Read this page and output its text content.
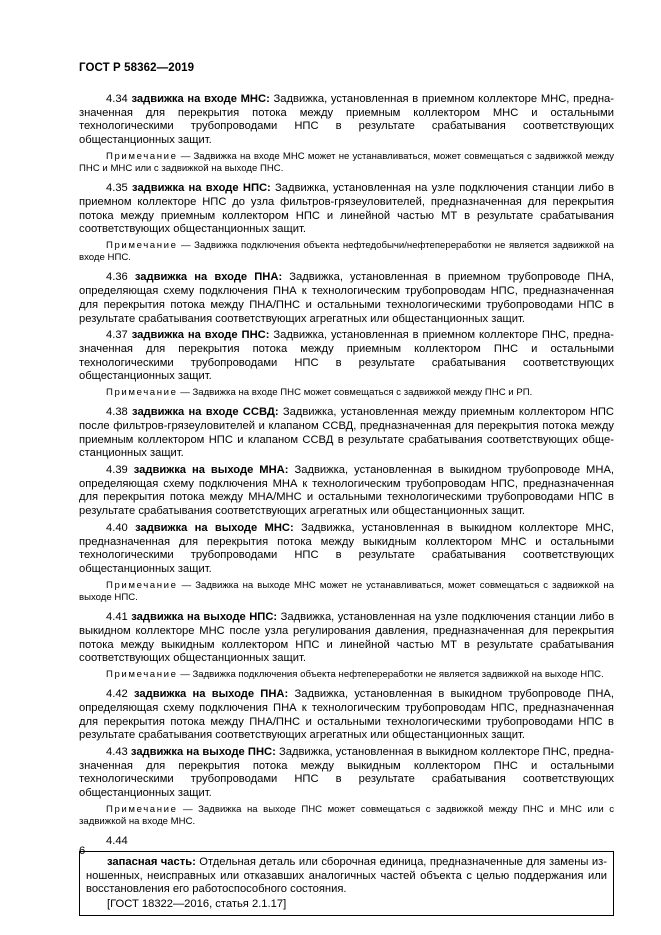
ГОСТ Р 58362—2019

4.34 задвижка на входе МНС: Задвижка, установленная в приемном коллекторе МНС, предназначенная для перекрытия потока между приемным коллектором МНС и остальными технологическими трубопроводами НПС в результате срабатывания соответствующих общестанционных защит.

Примечание — Задвижка на входе МНС может не устанавливаться, может совмещаться с задвижкой между ПНС и МНС или с задвижкой на выходе ПНС.

4.35 задвижка на входе НПС: Задвижка, установленная на узле подключения станции либо в приемном коллекторе НПС до узла фильтров-грязеуловителей, предназначенная для перекрытия потока между приемным коллектором НПС и линейной частью МТ в результате срабатывания соответствующих общестанционных защит.

Примечание — Задвижка подключения объекта нефтедобычи/нефтепереработки не является задвижкой на входе НПС.

4.36 задвижка на входе ПНА: Задвижка, установленная в приемном трубопроводе ПНА, определяющая схему подключения ПНА к технологическим трубопроводам НПС, предназначенная для перекрытия потока между ПНА/ПНС и остальными технологическими трубопроводами НПС в результате срабатывания соответствующих агрегатных или общестанционных защит.

4.37 задвижка на входе ПНС: Задвижка, установленная в приемном коллекторе ПНС, предназначенная для перекрытия потока между приемным коллектором ПНС и остальными технологическими трубопроводами НПС в результате срабатывания соответствующих общестанционных защит.

Примечание — Задвижка на входе ПНС может совмещаться с задвижкой между ПНС и РП.

4.38 задвижка на входе ССВД: Задвижка, установленная между приемным коллектором НПС после фильтров-грязеуловителей и клапаном ССВД, предназначенная для перекрытия потока между приемным коллектором НПС и клапаном ССВД в результате срабатывания соответствующих общестанционных защит.

4.39 задвижка на выходе МНА: Задвижка, установленная в выкидном трубопроводе МНА, определяющая схему подключения МНА к технологическим трубопроводам НПС, предназначенная для перекрытия потока между МНА/МНС и остальными технологическими трубопроводами НПС в результате срабатывания соответствующих агрегатных или общестанционных защит.

4.40 задвижка на выходе МНС: Задвижка, установленная в выкидном коллекторе МНС, предназначенная для перекрытия потока между выкидным коллектором МНС и остальными технологическими трубопроводами НПС в результате срабатывания соответствующих общестанционных защит.

Примечание — Задвижка на выходе МНС может не устанавливаться, может совмещаться с задвижкой на выходе НПС.

4.41 задвижка на выходе НПС: Задвижка, установленная на узле подключения станции либо в выкидном коллекторе МНС после узла регулирования давления, предназначенная для перекрытия потока между выкидным коллектором НПС и линейной частью МТ в результате срабатывания соответствующих общестанционных защит.

Примечание — Задвижка подключения объекта нефтепереработки не является задвижкой на выходе НПС.

4.42 задвижка на выходе ПНА: Задвижка, установленная в выкидном трубопроводе ПНА, определяющая схему подключения ПНА к технологическим трубопроводам НПС, предназначенная для перекрытия потока между ПНА/ПНС и остальными технологическими трубопроводами НПС в результате срабатывания соответствующих агрегатных или общестанционных защит.

4.43 задвижка на выходе ПНС: Задвижка, установленная в выкидном коллекторе ПНС, предназначенная для перекрытия потока между выкидным коллектором ПНС и остальными технологическими трубопроводами НПС в результате срабатывания соответствующих общестанционных защит.

Примечание — Задвижка на выходе ПНС может совмещаться с задвижкой между ПНС и МНС или с задвижкой на входе МНС.

4.44

запасная часть: Отдельная деталь или сборочная единица, предназначенные для замены изношенных, неисправных или отказавших аналогичных частей объекта с целью поддержания или восстановления его работоспособного состояния.

[ГОСТ 18322—2016, статья 2.1.17]

6
